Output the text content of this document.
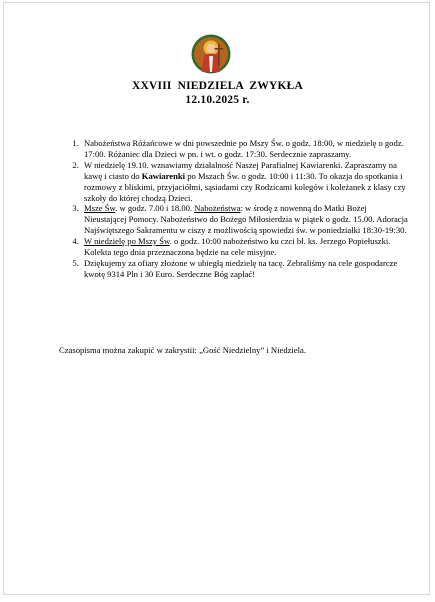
XXVIII NIEDZIELA ZWYKŁA
12.10.2025 r.
1. Nabożeństwa Różańcowe w dni powszednie po Mszy Św. o godz. 18:00, w niedzielę o godz. 17:00. Różaniec dla Dzieci w pn. i wt. o godz. 17:30. Serdecznie zapraszamy.
2. W niedzielę 19.10. wznawiamy działalność Naszej Parafialnej Kawiarenki. Zapraszamy na kawę i ciasto do Kawiarenki po Mszach Św. o godz. 10:00 i 11:30. To okazja do spotkania i rozmowy z bliskimi, przyjaciółmi, sąsiadami czy Rodzicami kolegów i koleżanek z klasy czy szkoły do której chodzą Dzieci.
3. Msze Św. w godz. 7.00 i 18.00. Nabożeństwa: w środę z nowenną do Matki Bożej Nieustającej Pomocy. Nabożeństwo do Bożego Miłosierdzia w piątek o godz. 15.00. Adoracja Najświętszego Sakramentu w ciszy z możliwością spowiedzi św. w poniedziałki 18:30-19:30.
4. W niedzielę po Mszy Św. o godz. 10:00 nabożeństwo ku czci bł. ks. Jerzego Popiełuszki. Kolekta tego dnia przeznaczona będzie na cele misyjne.
5. Dziękujemy za ofiary złożone w ubiegłą niedzielę na tacę. Zebraliśmy na cele gospodarcze kwotę 9314 Pln i 30 Euro. Serdeczne Bóg zapłać!
Czasopisma można zakupić w zakrystii: „Gość Niedzielny” i Niedziela.
